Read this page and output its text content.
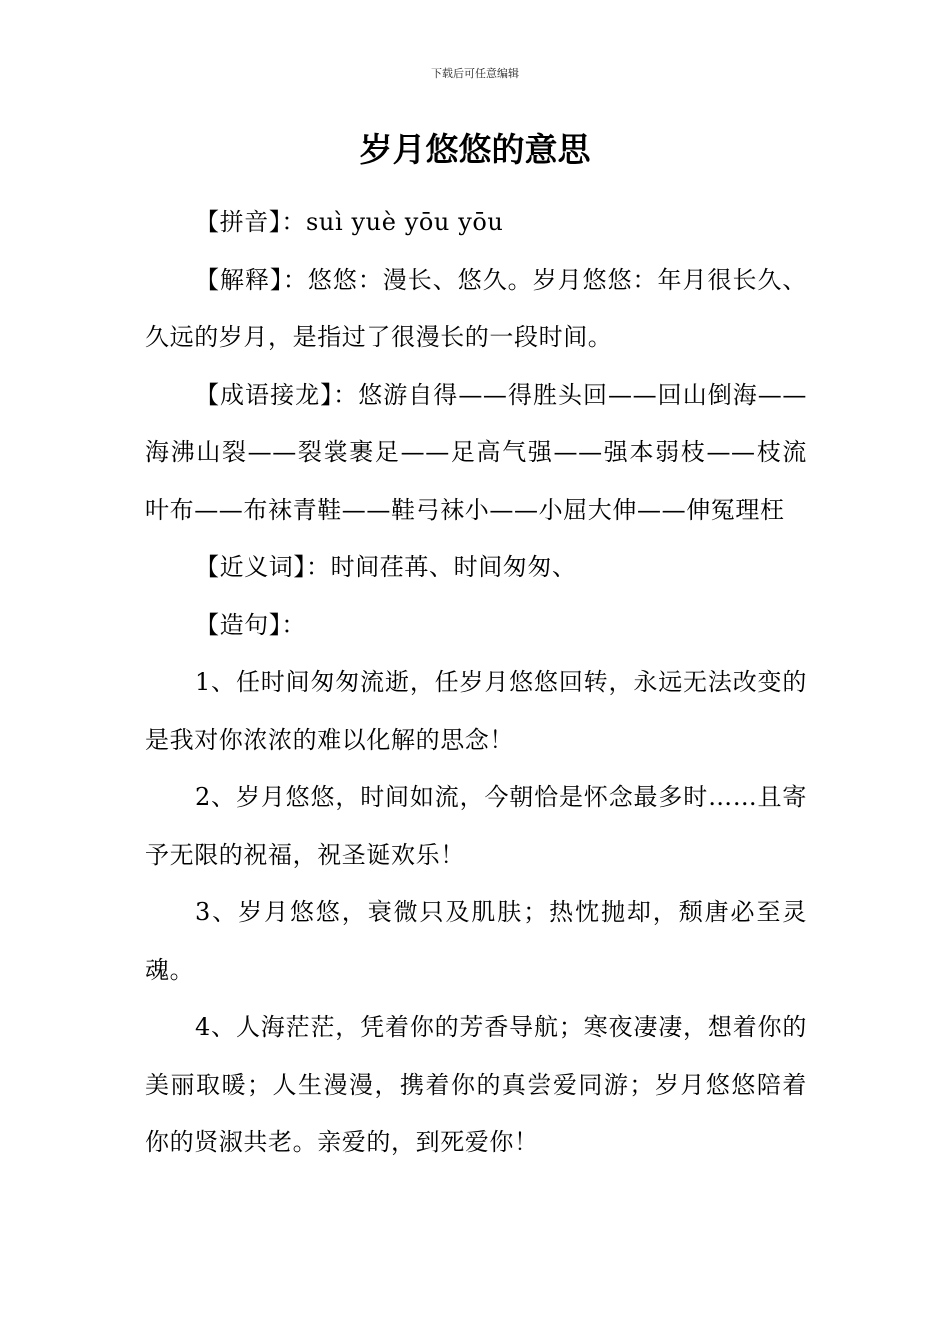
下载后可任意编辑
岁月悠悠的意思

【拼音】：suì yuè yōu yōu

【解释】：悠悠：漫长、悠久。岁月悠悠：年月很长久、久远的岁月，是指过了很漫长的一段时间。

【成语接龙】：悠游自得——得胜头回——回山倒海——海沸山裂——裂裳裹足——足高气强——强本弱枝——枝流叶布——布袜青鞋——鞋弓袜小——小屈大伸——伸冤理枉

【近义词】：时间荏苒、时间匆匆、

【造句】：

1、任时间匆匆流逝，任岁月悠悠回转，永远无法改变的是我对你浓浓的难以化解的思念！

2、岁月悠悠，时间如流，今朝恰是怀念最多时……且寄予无限的祝福，祝圣诞欢乐！

3、岁月悠悠，衰微只及肌肤；热忱抛却，颓唐必至灵魂。

4、人海茫茫，凭着你的芳香导航；寒夜凄凄，想着你的美丽取暖；人生漫漫，携着你的真尝爱同游；岁月悠悠陪着你的贤淑共老。亲爱的，到死爱你！
